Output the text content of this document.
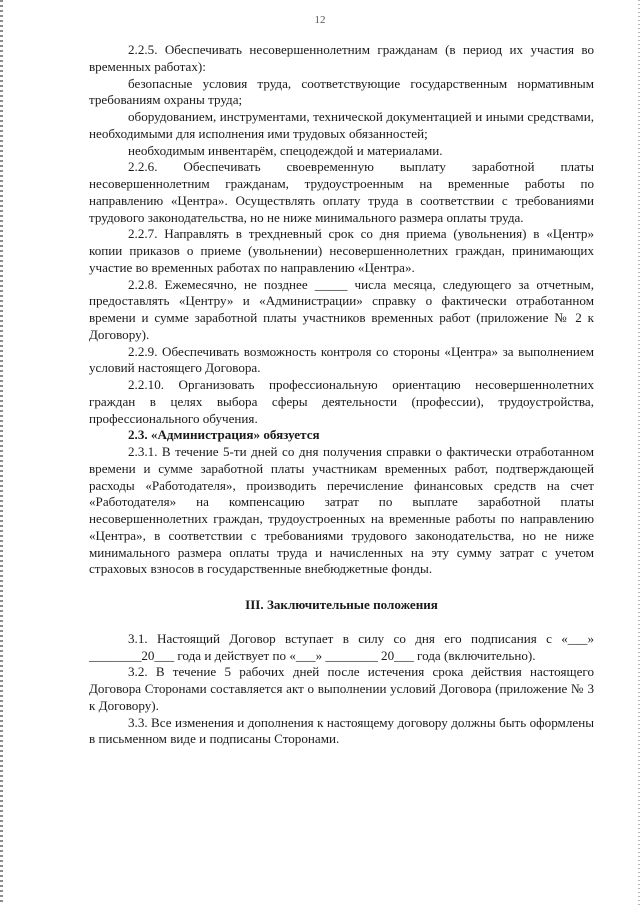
12

2.2.5. Обеспечивать несовершеннолетним гражданам (в период их участия во временных работах):

безопасные условия труда, соответствующие государственным нормативным требованиям охраны труда;

оборудованием, инструментами, технической документацией и иными средствами, необходимыми для исполнения ими трудовых обязанностей;

необходимым инвентарём, спецодеждой и материалами.

2.2.6. Обеспечивать своевременную выплату заработной платы несовершеннолетним гражданам, трудоустроенным на временные работы по направлению «Центра». Осуществлять оплату труда в соответствии с требованиями трудового законодательства, но не ниже минимального размера оплаты труда.

2.2.7. Направлять в трехдневный срок со дня приема (увольнения) в «Центр» копии приказов о приеме (увольнении) несовершеннолетних граждан, принимающих участие во временных работах по направлению «Центра».

2.2.8. Ежемесячно, не позднее _____ числа месяца, следующего за отчетным, предоставлять «Центру» и «Администрации» справку о фактически отработанном времени и сумме заработной платы участников временных работ (приложение № 2 к Договору).

2.2.9. Обеспечивать возможность контроля со стороны «Центра» за выполнением условий настоящего Договора.

2.2.10. Организовать профессиональную ориентацию несовершеннолетних граждан в целях выбора сферы деятельности (профессии), трудоустройства, профессионального обучения.

2.3. «Администрация» обязуется

2.3.1. В течение 5-ти дней со дня получения справки о фактически отработанном времени и сумме заработной платы участникам временных работ, подтверждающей расходы «Работодателя», производить перечисление финансовых средств на счет «Работодателя» на компенсацию затрат по выплате заработной платы несовершеннолетних граждан, трудоустроенных на временные работы по направлению «Центра», в соответствии с требованиями трудового законодательства, но не ниже минимального размера оплаты труда и начисленных на эту сумму затрат с учетом страховых взносов в государственные внебюджетные фонды.

III. Заключительные положения

3.1. Настоящий Договор вступает в силу со дня его подписания с «___» ________20___ года и действует по «___» ________ 20___ года (включительно).

3.2. В течение 5 рабочих дней после истечения срока действия настоящего Договора Сторонами составляется акт о выполнении условий Договора (приложение № 3 к Договору).

3.3. Все изменения и дополнения к настоящему договору должны быть оформлены в письменном виде и подписаны Сторонами.
